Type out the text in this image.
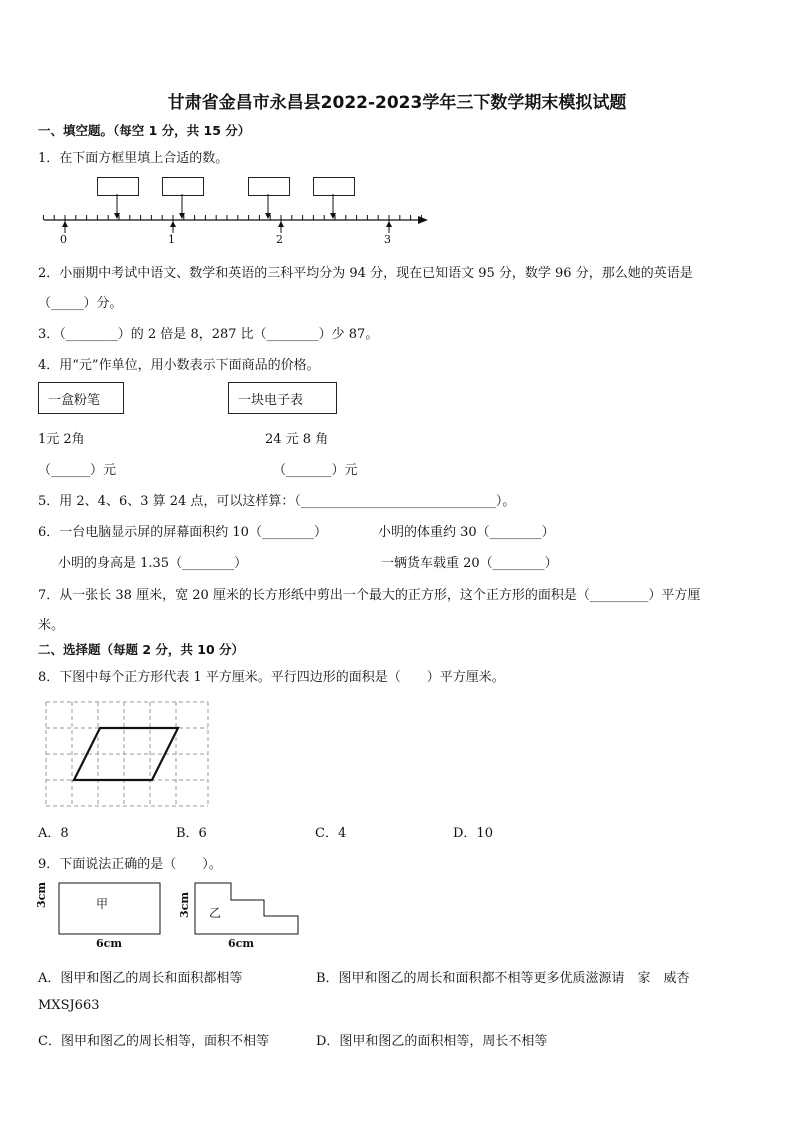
甘肃省金昌市永昌县2022-2023学年三下数学期末模拟试题
一、填空题。（每空 1 分，共 15 分）
1．在下面方框里填上合适的数。
0	1	2	3
2．小丽期中考试中语文、数学和英语的三科平均分为 94 分，现在已知语文 95 分，数学 96 分，那么她的英语是
（_____）分。
3．（________）的 2 倍是 8，287 比（________）少 87。
4．用“元”作单位，用小数表示下面商品的价格。
一盒粉笔	一块电子表
1元 2角	24 元 8 角
（______）元	（_______）元
5．用 2、4、6、3 算 24 点，可以这样算：（______________________________）。
6．一台电脑显示屏的屏幕面积约 10（________）	小明的体重约 30（________）
小明的身高是 1.35（________）	一辆货车载重 20（________）
7．从一张长 38 厘米，宽 20 厘米的长方形纸中剪出一个最大的正方形，这个正方形的面积是（_________）平方厘
米。
二、选择题（每题 2 分，共 10 分）
8．下图中每个正方形代表 1 平方厘米。平行四边形的面积是（　　）平方厘米。
A．8	B．6	C．4	D．10
9．下面说法正确的是（　　）。
甲
3cm
6cm
乙
3cm
6cm
A．图甲和图乙的周长和面积都相等	B．图甲和图乙的周长和面积都不相等更多优质滋源请　家　威杏
MXSJ663
C．图甲和图乙的周长相等，面积不相等	D．图甲和图乙的面积相等，周长不相等
